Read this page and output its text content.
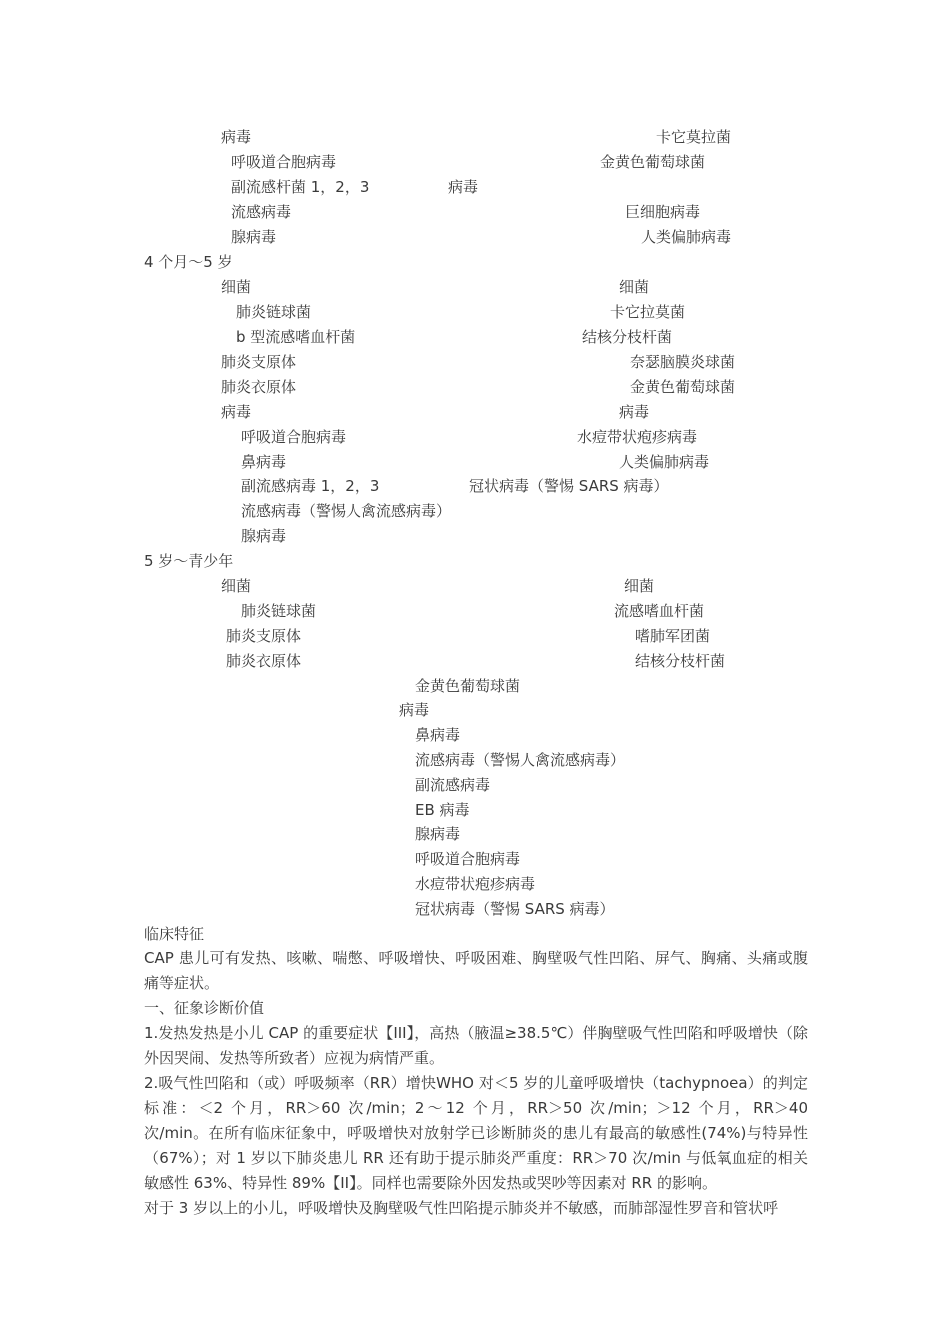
病毒
呼吸道合胞病毒
副流感杆菌 1，2，3
流感病毒
腺病毒
病毒
卡它莫拉菌
金黄色葡萄球菌
巨细胞病毒
人类偏肺病毒
4 个月～5 岁
细菌
肺炎链球菌
b 型流感嗜血杆菌
肺炎支原体
肺炎衣原体
病毒
呼吸道合胞病毒
鼻病毒
副流感病毒 1，2，3
流感病毒（警惕人禽流感病毒）
腺病毒
冠状病毒（警惕 SARS 病毒）
细菌
卡它拉莫菌
结核分枝杆菌
奈瑟脑膜炎球菌
金黄色葡萄球菌
病毒
水痘带状疱疹病毒
人类偏肺病毒
5 岁～青少年
细菌
肺炎链球菌
肺炎支原体
肺炎衣原体
细菌
流感嗜血杆菌
嗜肺军团菌
结核分枝杆菌
金黄色葡萄球菌
病毒
鼻病毒
流感病毒（警惕人禽流感病毒）
副流感病毒
EB 病毒
腺病毒
呼吸道合胞病毒
水痘带状疱疹病毒
冠状病毒（警惕 SARS 病毒）
临床特征
CAP 患儿可有发热、咳嗽、喘憋、呼吸增快、呼吸困难、胸壁吸气性凹陷、屏气、胸痛、头痛或腹痛等症状。
一、征象诊断价值
1.发热发热是小儿 CAP 的重要症状【III】，高热（腋温≥38.5℃）伴胸壁吸气性凹陷和呼吸增快（除外因哭闹、发热等所致者）应视为病情严重。
2.吸气性凹陷和（或）呼吸频率（RR）增快WHO 对＜5 岁的儿童呼吸增快（tachypnoea）的判定标准：＜2 个月，RR＞60 次/min；2～12 个月，RR＞50 次/min；＞12 个月，RR＞40 次/min。在所有临床征象中，呼吸增快对放射学已诊断肺炎的患儿有最高的敏感性(74%)与特异性（67%）；对 1 岁以下肺炎患儿 RR 还有助于提示肺炎严重度：RR＞70 次/min 与低氧血症的相关敏感性 63%、特异性 89%【II】。同样也需要除外因发热或哭吵等因素对 RR 的影响。
对于 3 岁以上的小儿，呼吸增快及胸壁吸气性凹陷提示肺炎并不敏感，而肺部湿性罗音和管状呼
